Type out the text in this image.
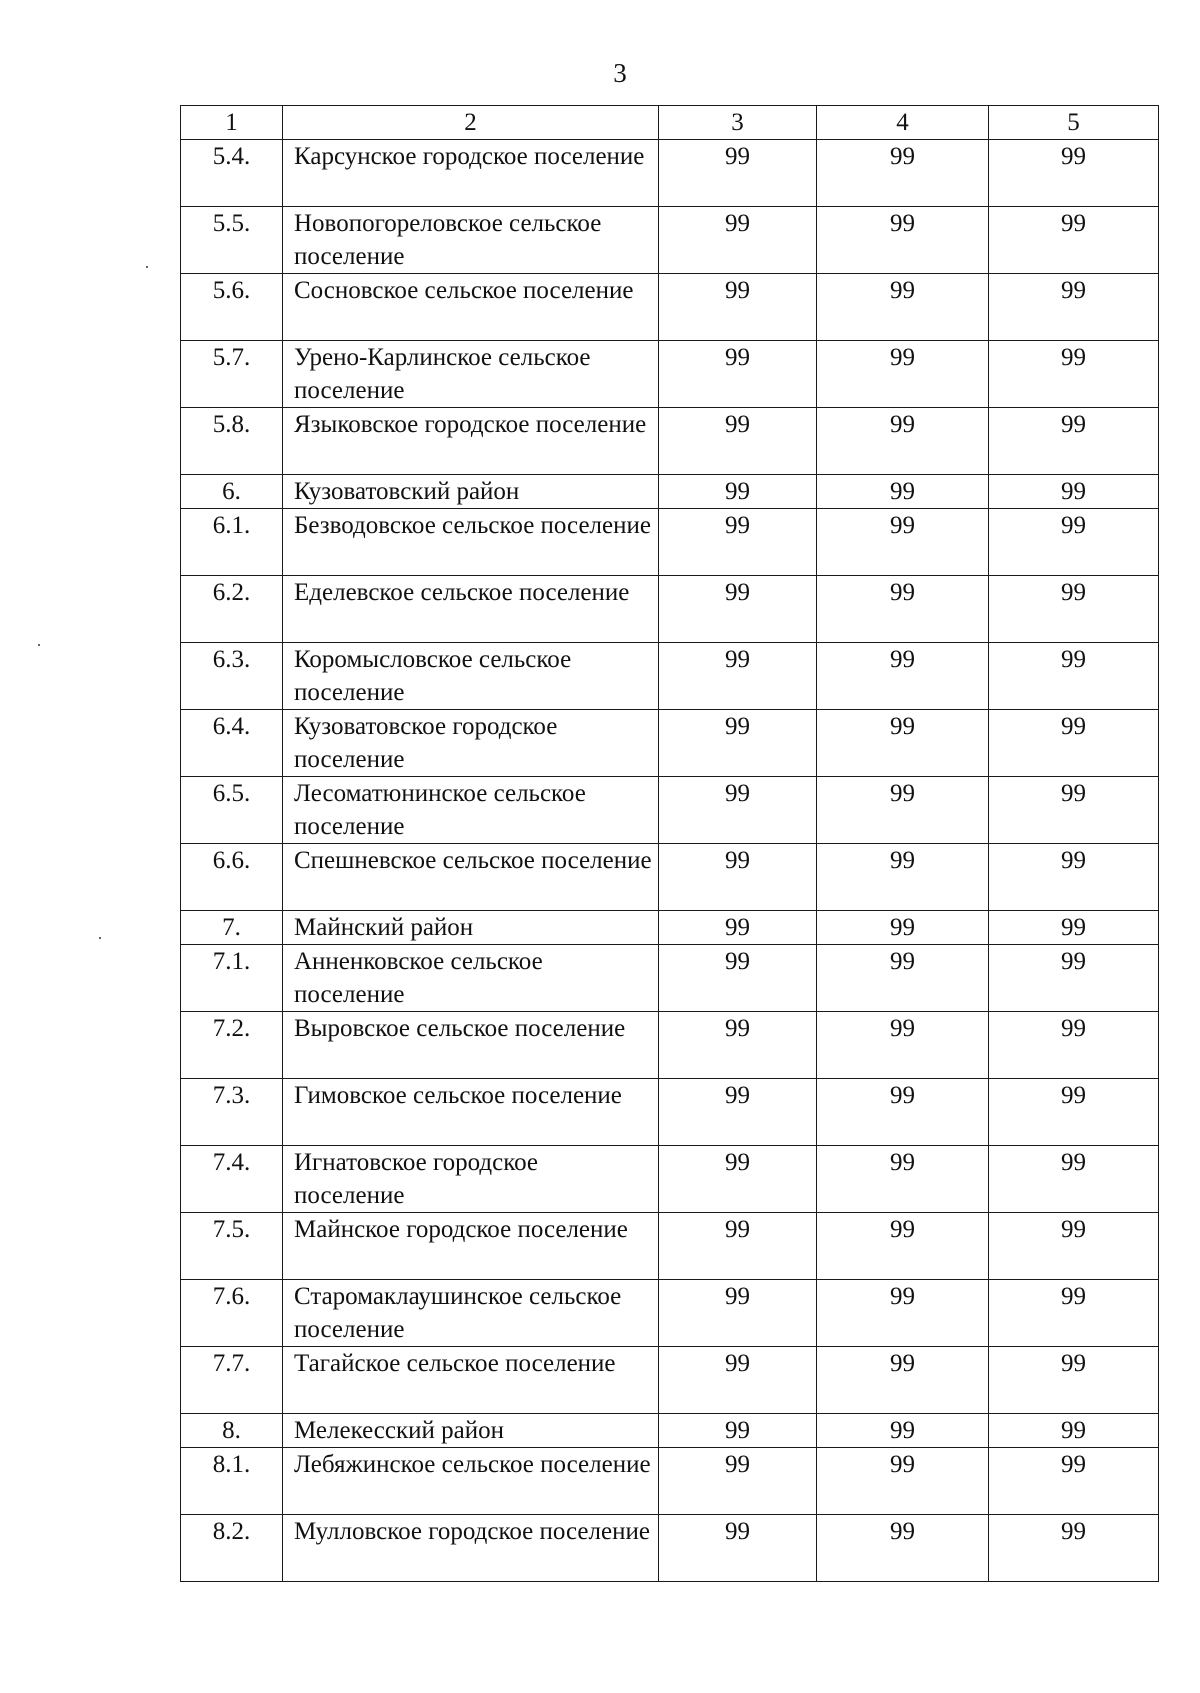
3
1	2	3	4	5
5.4.	Карсунское городское поселение	99	99	99
5.5.	Новопогореловское сельское поселение	99	99	99
5.6.	Сосновское сельское поселение	99	99	99
5.7.	Урено-Карлинское сельское поселение	99	99	99
5.8.	Языковское городское поселение	99	99	99
6.	Кузоватовский район	99	99	99
6.1.	Безводовское сельское поселение	99	99	99
6.2.	Еделевское сельское поселение	99	99	99
6.3.	Коромысловское сельское поселение	99	99	99
6.4.	Кузоватовское городское поселение	99	99	99
6.5.	Лесоматюнинское сельское поселение	99	99	99
6.6.	Спешневское сельское поселение	99	99	99
7.	Майнский район	99	99	99
7.1.	Анненковское сельское поселение	99	99	99
7.2.	Выровское сельское поселение	99	99	99
7.3.	Гимовское сельское поселение	99	99	99
7.4.	Игнатовское городское поселение	99	99	99
7.5.	Майнское городское поселение	99	99	99
7.6.	Старомаклаушинское сельское поселение	99	99	99
7.7.	Тагайское сельское поселение	99	99	99
8.	Мелекесский район	99	99	99
8.1.	Лебяжинское сельское поселение	99	99	99
8.2.	Мулловское городское поселение	99	99	99
